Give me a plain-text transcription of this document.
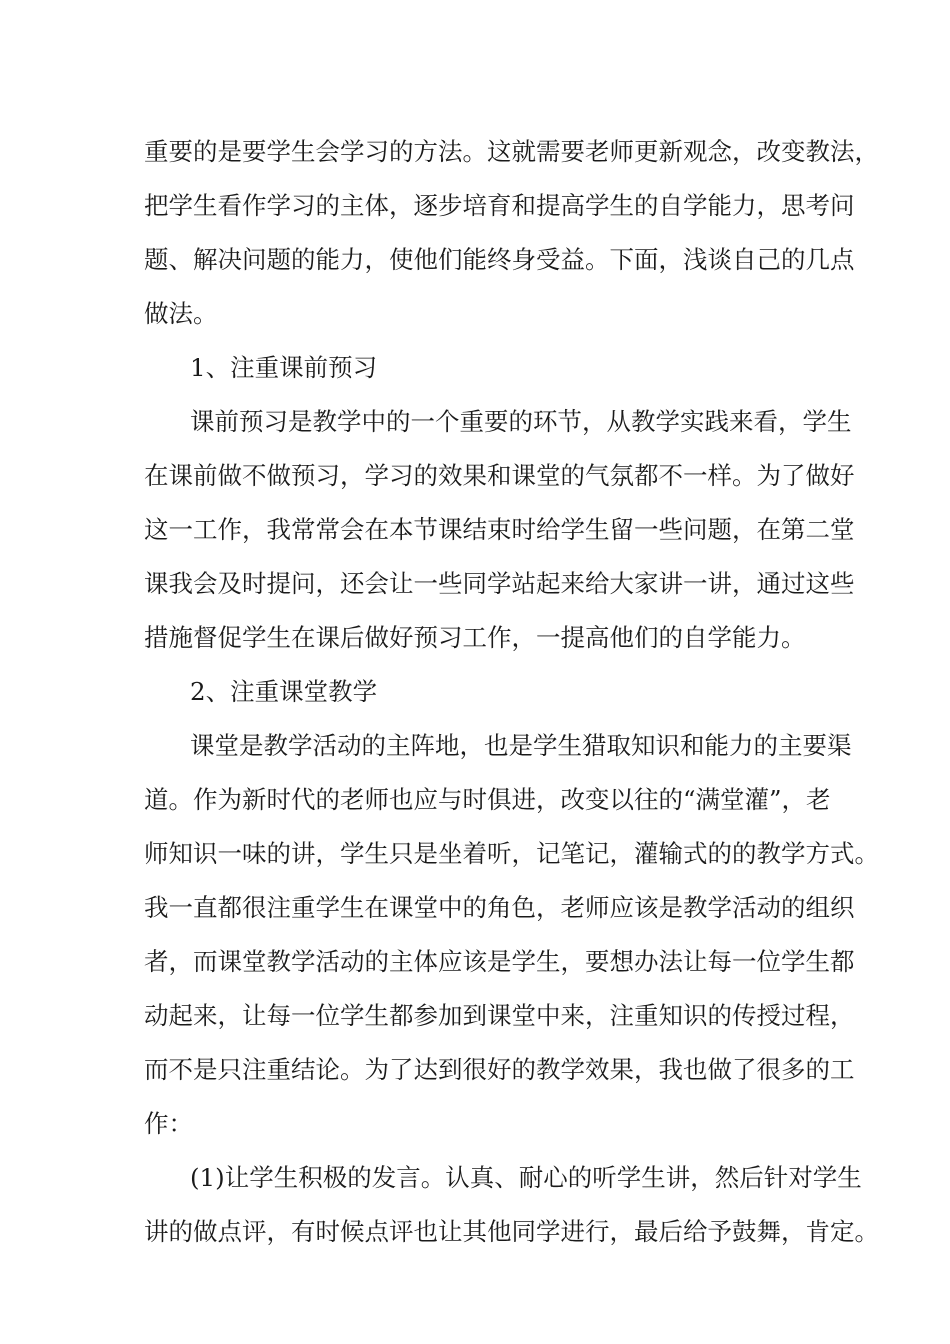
重要的是要学生会学习的方法。这就需要老师更新观念，改变教法，
把学生看作学习的主体，逐步培育和提高学生的自学能力，思考问
题、解决问题的能力，使他们能终身受益。下面，浅谈自己的几点
做法。
1、注重课前预习
课前预习是教学中的一个重要的环节，从教学实践来看，学生
在课前做不做预习，学习的效果和课堂的气氛都不一样。为了做好
这一工作，我常常会在本节课结束时给学生留一些问题，在第二堂
课我会及时提问，还会让一些同学站起来给大家讲一讲，通过这些
措施督促学生在课后做好预习工作，一提高他们的自学能力。
2、注重课堂教学
课堂是教学活动的主阵地，也是学生猎取知识和能力的主要渠
道。作为新时代的老师也应与时俱进，改变以往的“满堂灌”，老
师知识一味的讲，学生只是坐着听，记笔记，灌输式的的教学方式。
我一直都很注重学生在课堂中的角色，老师应该是教学活动的组织
者，而课堂教学活动的主体应该是学生，要想办法让每一位学生都
动起来，让每一位学生都参加到课堂中来，注重知识的传授过程，
而不是只注重结论。为了达到很好的教学效果，我也做了很多的工
作：
(1)让学生积极的发言。认真、耐心的听学生讲，然后针对学生
讲的做点评，有时候点评也让其他同学进行，最后给予鼓舞，肯定。
